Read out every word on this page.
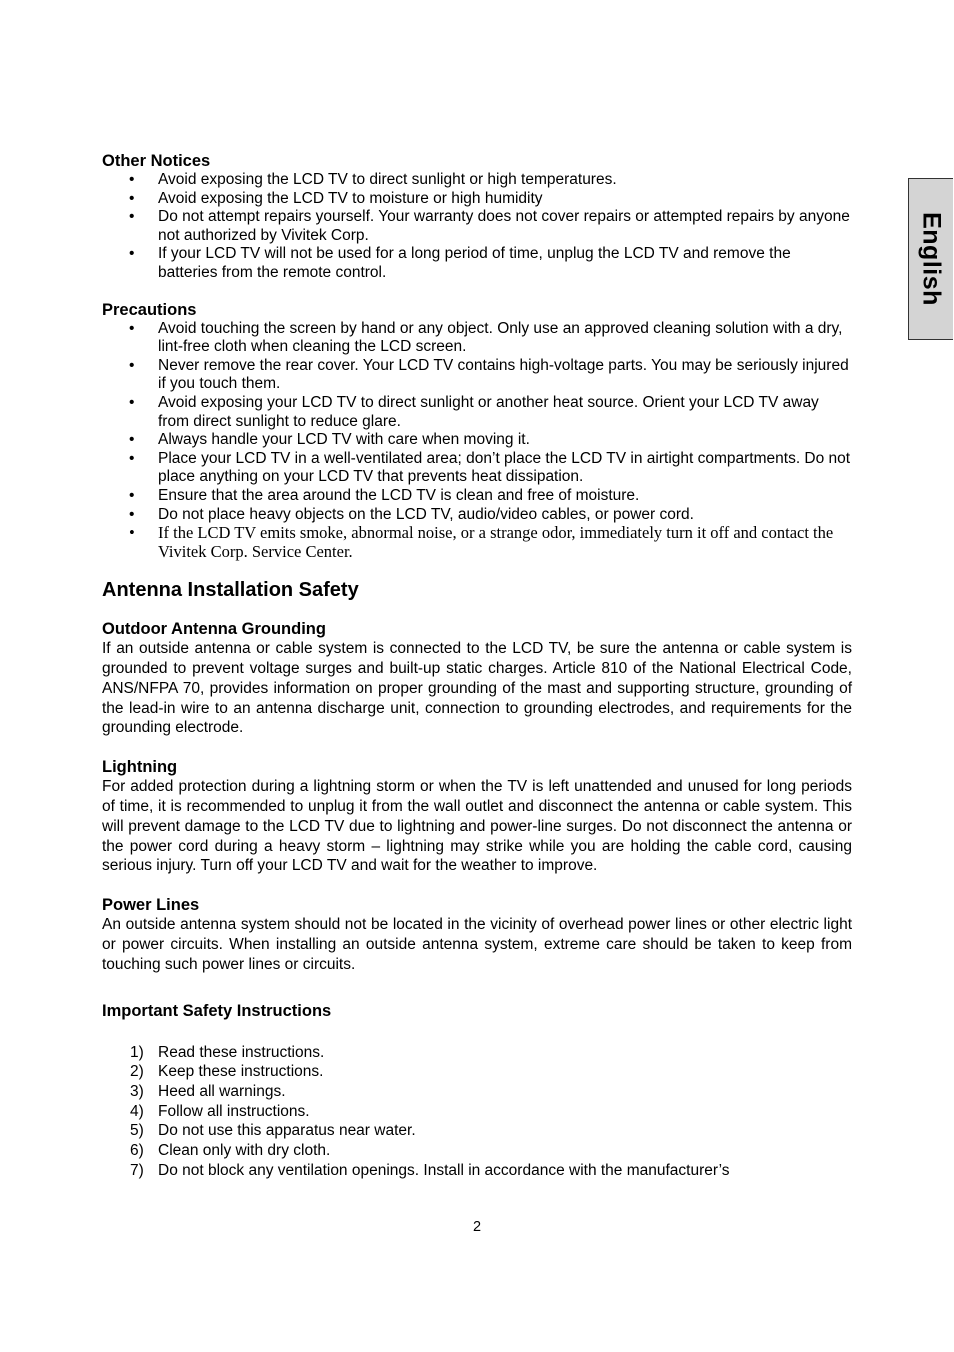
English
Other Notices
• Avoid exposing the LCD TV to direct sunlight or high temperatures.
• Avoid exposing the LCD TV to moisture or high humidity
• Do not attempt repairs yourself. Your warranty does not cover repairs or attempted repairs by anyone not authorized by Vivitek Corp.
• If your LCD TV will not be used for a long period of time, unplug the LCD TV and remove the batteries from the remote control.
Precautions
• Avoid touching the screen by hand or any object. Only use an approved cleaning solution with a dry, lint-free cloth when cleaning the LCD screen.
• Never remove the rear cover. Your LCD TV contains high-voltage parts. You may be seriously injured if you touch them.
• Avoid exposing your LCD TV to direct sunlight or another heat source. Orient your LCD TV away from direct sunlight to reduce glare.
• Always handle your LCD TV with care when moving it.
• Place your LCD TV in a well-ventilated area; don’t place the LCD TV in airtight compartments. Do not place anything on your LCD TV that prevents heat dissipation.
• Ensure that the area around the LCD TV is clean and free of moisture.
• Do not place heavy objects on the LCD TV, audio/video cables, or power cord.
• If the LCD TV emits smoke, abnormal noise, or a strange odor, immediately turn it off and contact the Vivitek Corp. Service Center.
Antenna Installation Safety
Outdoor Antenna Grounding

If an outside antenna or cable system is connected to the LCD TV, be sure the antenna or cable system is grounded to prevent voltage surges and built-up static charges. Article 810 of the National Electrical Code, ANS/NFPA 70, provides information on proper grounding of the mast and supporting structure, grounding of the lead-in wire to an antenna discharge unit, connection to grounding electrodes, and requirements for the grounding electrode.

Lightning

For added protection during a lightning storm or when the TV is left unattended and unused for long periods of time, it is recommended to unplug it from the wall outlet and disconnect the antenna or cable system. This will prevent damage to the LCD TV due to lightning and power-line surges. Do not disconnect the antenna or the power cord during a heavy storm – lightning may strike while you are holding the cable cord, causing serious injury. Turn off your LCD TV and wait for the weather to improve.

Power Lines

An outside antenna system should not be located in the vicinity of overhead power lines or other electric light or power circuits. When installing an outside antenna system, extreme care should be taken to keep from touching such power lines or circuits.

Important Safety Instructions
1) Read these instructions.
2) Keep these instructions.
3) Heed all warnings.
4) Follow all instructions.
5) Do not use this apparatus near water.
6) Clean only with dry cloth.
7) Do not block any ventilation openings. Install in accordance with the manufacturer’s
2
